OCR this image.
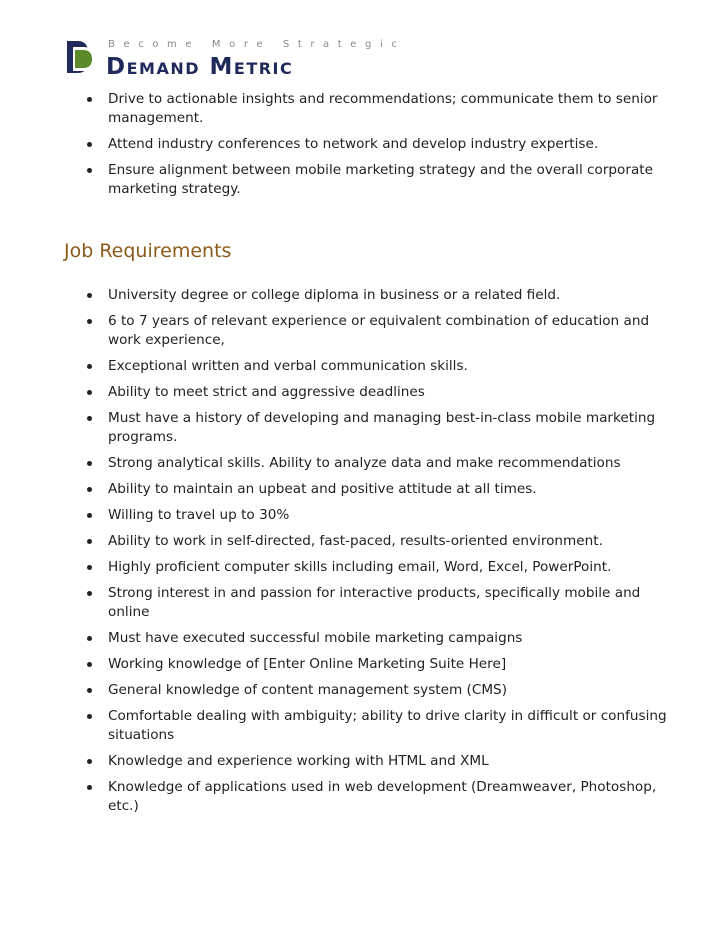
Become More Strategic
Demand Metric
Drive to actionable insights and recommendations; communicate them to senior management.
Attend industry conferences to network and develop industry expertise.
Ensure alignment between mobile marketing strategy and the overall corporate marketing strategy.
Job Requirements
University degree or college diploma in business or a related field.
6 to 7 years of relevant experience or equivalent combination of education and work experience,
Exceptional written and verbal communication skills.
Ability to meet strict and aggressive deadlines
Must have a history of developing and managing best-in-class mobile marketing programs.
Strong analytical skills. Ability to analyze data and make recommendations
Ability to maintain an upbeat and positive attitude at all times.
Willing to travel up to 30%
Ability to work in self-directed, fast-paced, results-oriented environment.
Highly proficient computer skills including email, Word, Excel, PowerPoint.
Strong interest in and passion for interactive products, specifically mobile and online
Must have executed successful mobile marketing campaigns
Working knowledge of [Enter Online Marketing Suite Here]
General knowledge of content management system (CMS)
Comfortable dealing with ambiguity; ability to drive clarity in difficult or confusing situations
Knowledge and experience working with HTML and XML
Knowledge of applications used in web development (Dreamweaver, Photoshop, etc.)
